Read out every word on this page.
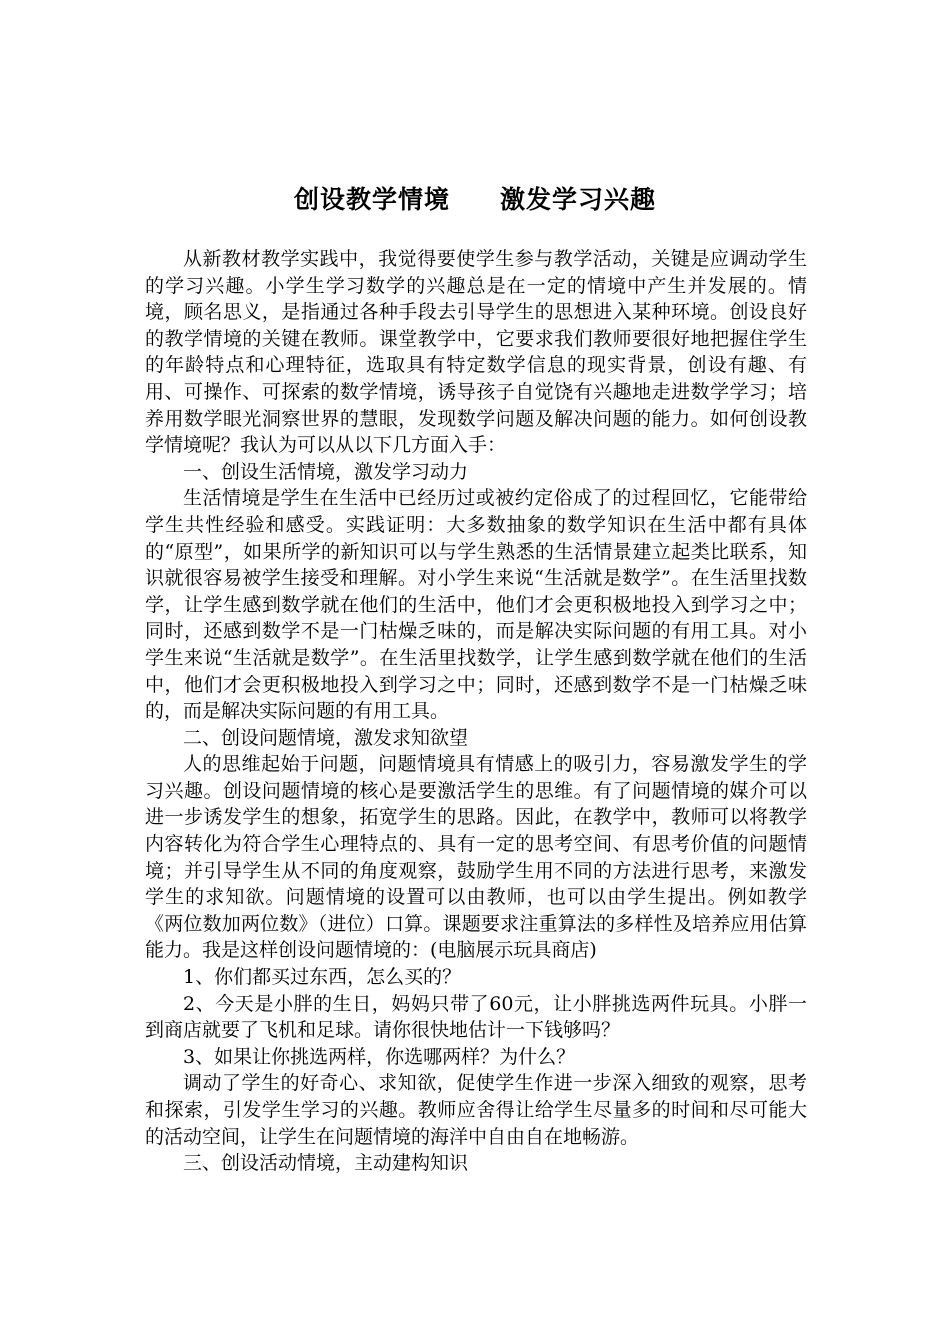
创设教学情境 激发学习兴趣

从新教材教学实践中，我觉得要使学生参与教学活动，关键是应调动学生的学习兴趣。小学生学习数学的兴趣总是在一定的情境中产生并发展的。情境，顾名思义，是指通过各种手段去引导学生的思想进入某种环境。创设良好的教学情境的关键在教师。课堂教学中，它要求我们教师要很好地把握住学生的年龄特点和心理特征，选取具有特定数学信息的现实背景，创设有趣、有用、可操作、可探索的数学情境，诱导孩子自觉饶有兴趣地走进数学学习；培养用数学眼光洞察世界的慧眼，发现数学问题及解决问题的能力。如何创设教学情境呢？我认为可以从以下几方面入手：

一、创设生活情境，激发学习动力

生活情境是学生在生活中已经历过或被约定俗成了的过程回忆，它能带给学生共性经验和感受。实践证明：大多数抽象的数学知识在生活中都有具体的“原型”，如果所学的新知识可以与学生熟悉的生活情景建立起类比联系，知识就很容易被学生接受和理解。对小学生来说“生活就是数学”。在生活里找数学，让学生感到数学就在他们的生活中，他们才会更积极地投入到学习之中；同时，还感到数学不是一门枯燥乏味的，而是解决实际问题的有用工具。对小学生来说“生活就是数学”。在生活里找数学，让学生感到数学就在他们的生活中，他们才会更积极地投入到学习之中；同时，还感到数学不是一门枯燥乏味的，而是解决实际问题的有用工具。

二、创设问题情境，激发求知欲望

人的思维起始于问题，问题情境具有情感上的吸引力，容易激发学生的学习兴趣。创设问题情境的核心是要激活学生的思维。有了问题情境的媒介可以进一步诱发学生的想象，拓宽学生的思路。因此，在教学中，教师可以将教学内容转化为符合学生心理特点的、具有一定的思考空间、有思考价值的问题情境；并引导学生从不同的角度观察，鼓励学生用不同的方法进行思考，来激发学生的求知欲。问题情境的设置可以由教师，也可以由学生提出。例如教学《两位数加两位数》（进位）口算。课题要求注重算法的多样性及培养应用估算能力。我是这样创设问题情境的：(电脑展示玩具商店)

1、你们都买过东西，怎么买的？

2、今天是小胖的生日，妈妈只带了60元，让小胖挑选两件玩具。小胖一到商店就要了飞机和足球。请你很快地估计一下钱够吗？

3、如果让你挑选两样，你选哪两样？为什么？

调动了学生的好奇心、求知欲，促使学生作进一步深入细致的观察，思考和探索，引发学生学习的兴趣。教师应舍得让给学生尽量多的时间和尽可能大的活动空间，让学生在问题情境的海洋中自由自在地畅游。

三、创设活动情境，主动建构知识
